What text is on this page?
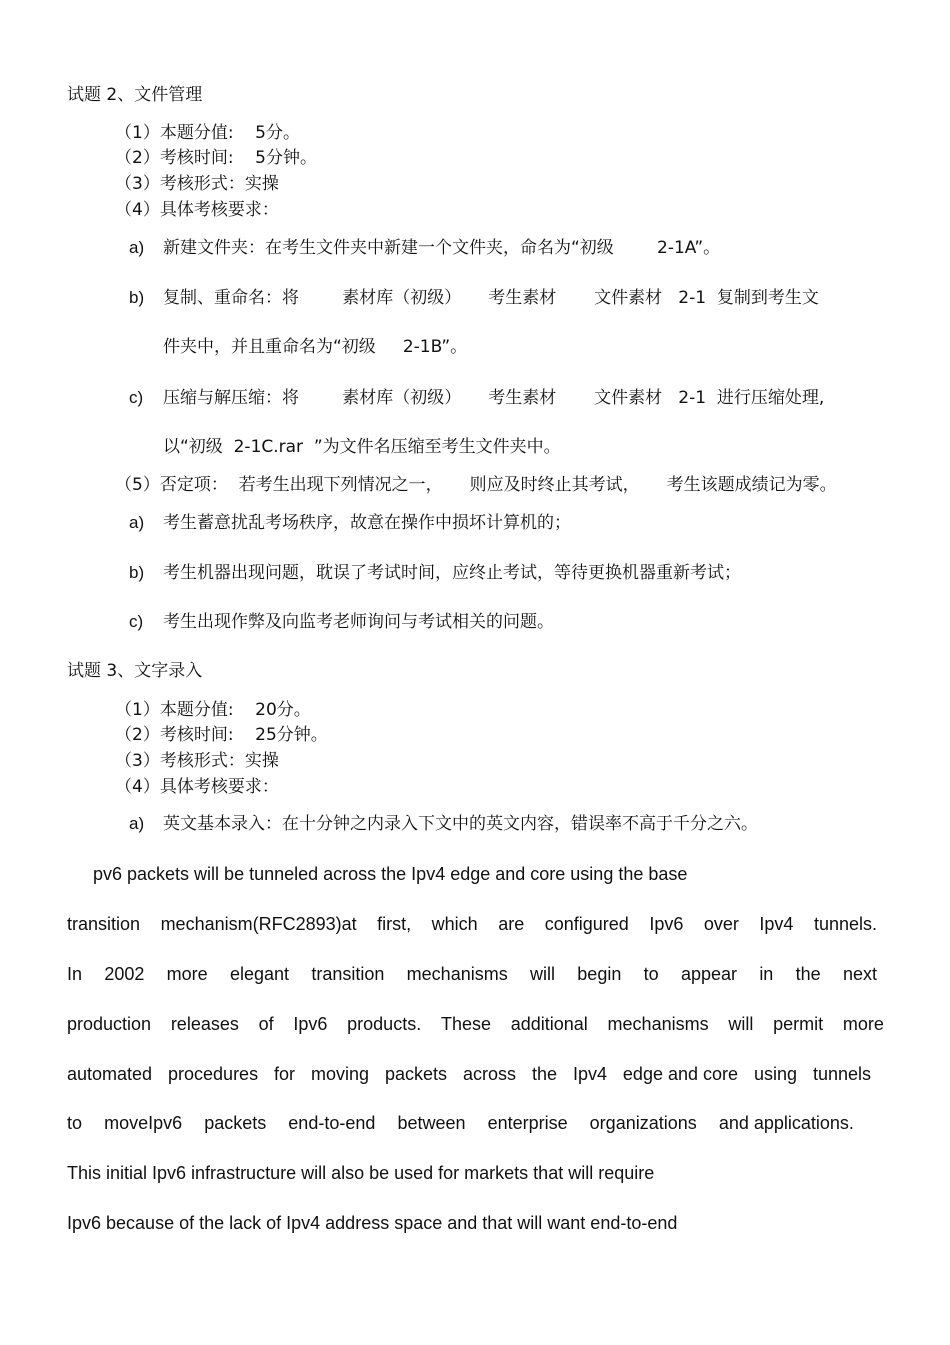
试题 2、文件管理
（1）本题分值:    5分。
（2）考核时间:    5分钟。
（3）考核形式：实操
（4）具体考核要求：
a) 新建文件夹：在考生文件夹中新建一个文件夹，命名为“初级        2-1A”。
b) 复制、重命名：将        素材库（初级）     考生素材       文件素材   2-1  复制到考生文
件夹中，并且重命名为“初级     2-1B”。
c) 压缩与解压缩：将        素材库（初级）     考生素材       文件素材   2-1  进行压缩处理,
以“初级  2-1C.rar  ”为文件名压缩至考生文件夹中。
（5）否定项：  若考生出现下列情况之一，     则应及时终止其考试，     考生该题成绩记为零。
a) 考生蓄意扰乱考场秩序，故意在操作中损坏计算机的；
b) 考生机器出现问题，耽误了考试时间，应终止考试，等待更换机器重新考试；
c) 考生出现作弊及向监考老师询问与考试相关的问题。
试题 3、文字录入
（1）本题分值:    20分。
（2）考核时间:    25分钟。
（3）考核形式：实操
（4）具体考核要求：
a) 英文基本录入：在十分钟之内录入下文中的英文内容，错误率不高于千分之六。
pv6 packets will be tunneled across the Ipv4 edge and core using the base
transition mechanism(RFC2893)at first, which are configured Ipv6 over Ipv4 tunnels.
In 2002 more elegant transition mechanisms will begin to appear in the next
production releases of Ipv6 products. These additional mechanisms will permit more
automated procedures for moving packets across the Ipv4 edge and core using tunnels
to moveIpv6 packets end-to-end between enterprise organizations and applications.
This initial Ipv6 infrastructure will also be used for markets that will require
Ipv6 because of the lack of Ipv4 address space and that will want end-to-end
